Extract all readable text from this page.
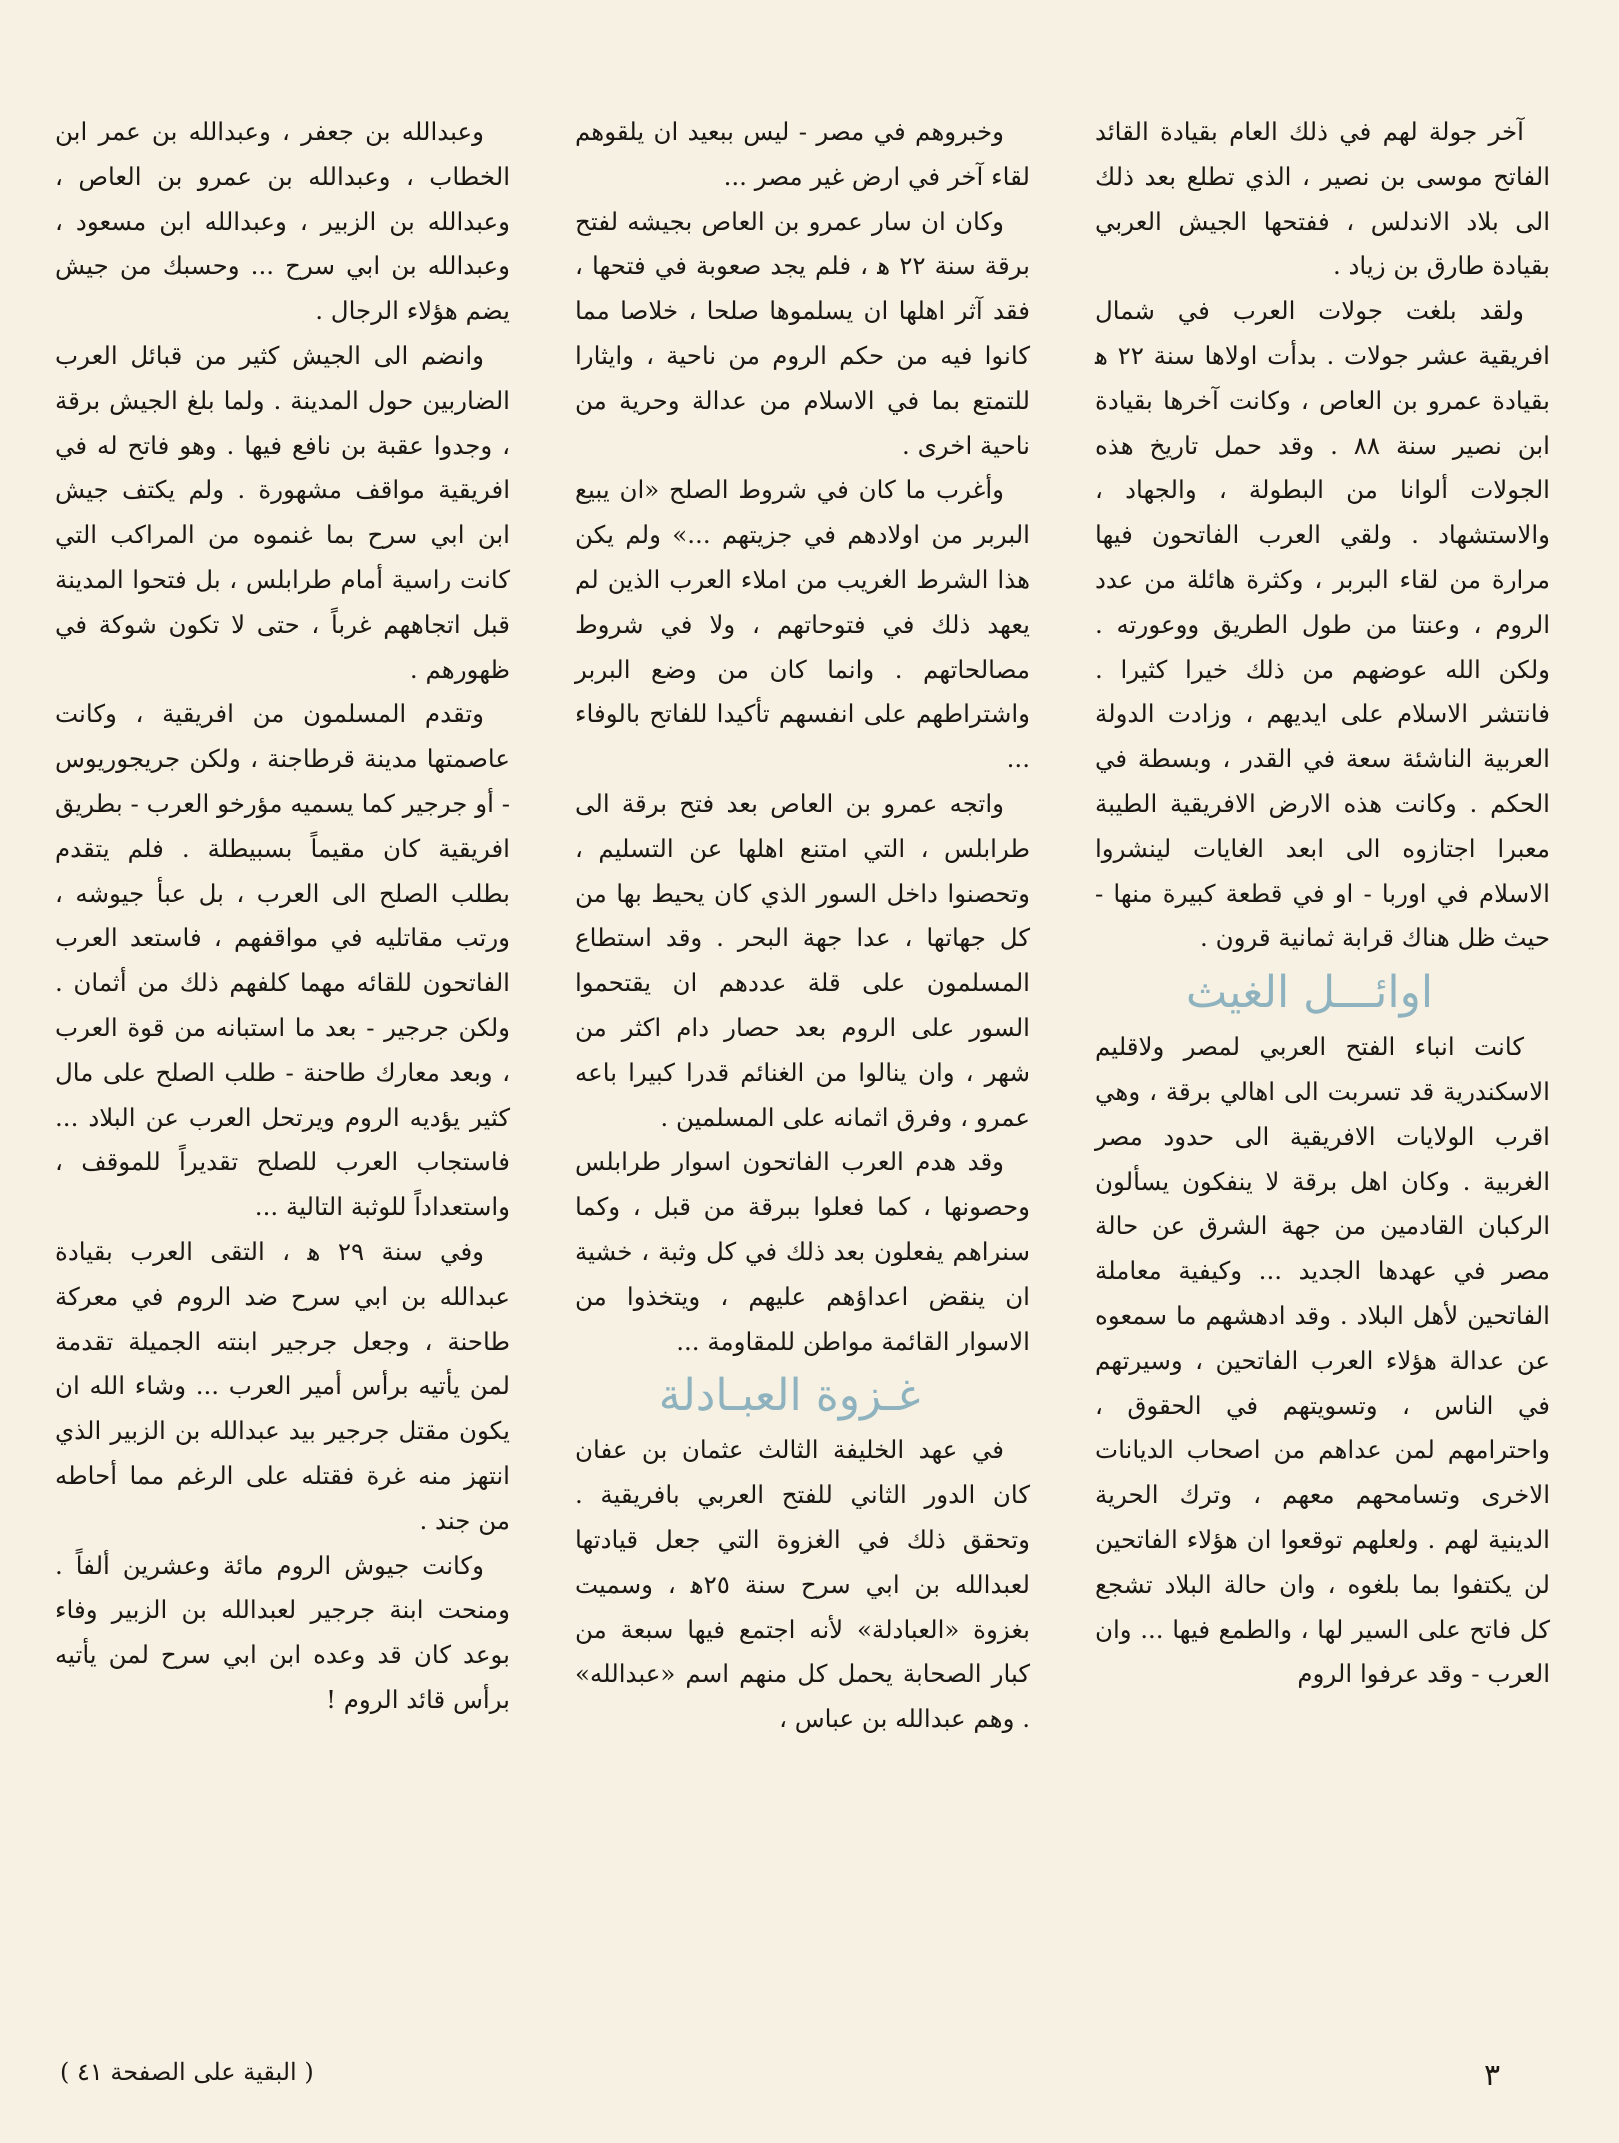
آخر جولة لهم في ذلك العام بقيادة القائد الفاتح موسى بن نصير ، الذي تطلع بعد ذلك الى بلاد الاندلس ، ففتحها الجيش العربي بقيادة طارق بن زياد .

ولقد بلغت جولات العرب في شمال افريقية عشر جولات . بدأت اولاها سنة ٢٢ ﻫ بقيادة عمرو بن العاص ، وكانت آخرها بقيادة ابن نصير سنة ٨٨ . وقد حمل تاريخ هذه الجولات ألوانا من البطولة ، والجهاد ، والاستشهاد . ولقي العرب الفاتحون فيها مرارة من لقاء البربر ، وكثرة هائلة من عدد الروم ، وعنتا من طول الطريق ووعورته . ولكن الله عوضهم من ذلك خيرا كثيرا . فانتشر الاسلام على ايديهم ، وزادت الدولة العربية الناشئة سعة في القدر ، وبسطة في الحكم . وكانت هذه الارض الافريقية الطيبة معبرا اجتازوه الى ابعد الغايات لينشروا الاسلام في اوربا - او في قطعة كبيرة منها - حيث ظل هناك قرابة ثمانية قرون .

اوائـــل الغيث

كانت انباء الفتح العربي لمصر ولاقليم الاسكندرية قد تسربت الى اهالي برقة ، وهي اقرب الولايات الافريقية الى حدود مصر الغربية . وكان اهل برقة لا ينفكون يسألون الركبان القادمين من جهة الشرق عن حالة مصر في عهدها الجديد ... وكيفية معاملة الفاتحين لأهل البلاد . وقد ادهشهم ما سمعوه عن عدالة هؤلاء العرب الفاتحين ، وسيرتهم في الناس ، وتسويتهم في الحقوق ، واحترامهم لمن عداهم من اصحاب الديانات الاخرى وتسامحهم معهم ، وترك الحرية الدينية لهم . ولعلهم توقعوا ان هؤلاء الفاتحين لن يكتفوا بما بلغوه ، وان حالة البلاد تشجع كل فاتح على السير لها ، والطمع فيها ... وان العرب - وقد عرفوا الروم

وخبروهم في مصر - ليس ببعيد ان يلقوهم لقاء آخر في ارض غير مصر ...

وكان ان سار عمرو بن العاص بجيشه لفتح برقة سنة ٢٢ ﻫ ، فلم يجد صعوبة في فتحها ، فقد آثر اهلها ان يسلموها صلحا ، خلاصا مما كانوا فيه من حكم الروم من ناحية ، وايثارا للتمتع بما في الاسلام من عدالة وحرية من ناحية اخرى .

وأغرب ما كان في شروط الصلح «ان يبيع البربر من اولادهم في جزيتهم ...» ولم يكن هذا الشرط الغريب من املاء العرب الذين لم يعهد ذلك في فتوحاتهم ، ولا في شروط مصالحاتهم . وانما كان من وضع البربر واشتراطهم على انفسهم تأكيدا للفاتح بالوفاء ...

واتجه عمرو بن العاص بعد فتح برقة الى طرابلس ، التي امتنع اهلها عن التسليم ، وتحصنوا داخل السور الذي كان يحيط بها من كل جهاتها ، عدا جهة البحر . وقد استطاع المسلمون على قلة عددهم ان يقتحموا السور على الروم بعد حصار دام اكثر من شهر ، وان ينالوا من الغنائم قدرا كبيرا باعه عمرو ، وفرق اثمانه على المسلمين .

وقد هدم العرب الفاتحون اسوار طرابلس وحصونها ، كما فعلوا ببرقة من قبل ، وكما سنراهم يفعلون بعد ذلك في كل وثبة ، خشية ان ينقض اعداؤهم عليهم ، ويتخذوا من الاسوار القائمة مواطن للمقاومة ...

غـزوة العبـادلة

في عهد الخليفة الثالث عثمان بن عفان كان الدور الثاني للفتح العربي بافريقية . وتحقق ذلك في الغزوة التي جعل قيادتها لعبدالله بن ابي سرح سنة ٢٥ﻫ ، وسميت بغزوة «العبادلة» لأنه اجتمع فيها سبعة من كبار الصحابة يحمل كل منهم اسم «عبدالله» . وهم عبدالله بن عباس ،

وعبدالله بن جعفر ، وعبدالله بن عمر ابن الخطاب ، وعبدالله بن عمرو بن العاص ، وعبدالله بن الزبير ، وعبدالله ابن مسعود ، وعبدالله بن ابي سرح ... وحسبك من جيش يضم هؤلاء الرجال .

وانضم الى الجيش كثير من قبائل العرب الضاربين حول المدينة . ولما بلغ الجيش برقة ، وجدوا عقبة بن نافع فيها . وهو فاتح له في افريقية مواقف مشهورة . ولم يكتف جيش ابن ابي سرح بما غنموه من المراكب التي كانت راسية أمام طرابلس ، بل فتحوا المدينة قبل اتجاههم غرباً ، حتى لا تكون شوكة في ظهورهم .

وتقدم المسلمون من افريقية ، وكانت عاصمتها مدينة قرطاجنة ، ولكن جريجوريوس - أو جرجير كما يسميه مؤرخو العرب - بطريق افريقية كان مقيماً بسبيطلة . فلم يتقدم بطلب الصلح الى العرب ، بل عبأ جيوشه ، ورتب مقاتليه في مواقفهم ، فاستعد العرب الفاتحون للقائه مهما كلفهم ذلك من أثمان . ولكن جرجير - بعد ما استبانه من قوة العرب ، وبعد معارك طاحنة - طلب الصلح على مال كثير يؤديه الروم ويرتحل العرب عن البلاد ... فاستجاب العرب للصلح تقديراً للموقف ، واستعداداً للوثبة التالية ...

وفي سنة ٢٩ ﻫ ، التقى العرب بقيادة عبدالله بن ابي سرح ضد الروم في معركة طاحنة ، وجعل جرجير ابنته الجميلة تقدمة لمن يأتيه برأس أمير العرب ... وشاء الله ان يكون مقتل جرجير بيد عبدالله بن الزبير الذي انتهز منه غرة فقتله على الرغم مما أحاطه من جند .

وكانت جيوش الروم مائة وعشرين ألفاً . ومنحت ابنة جرجير لعبدالله بن الزبير وفاء بوعد كان قد وعده ابن ابي سرح لمن يأتيه برأس قائد الروم !

٣
( البقية على الصفحة ٤١ )
